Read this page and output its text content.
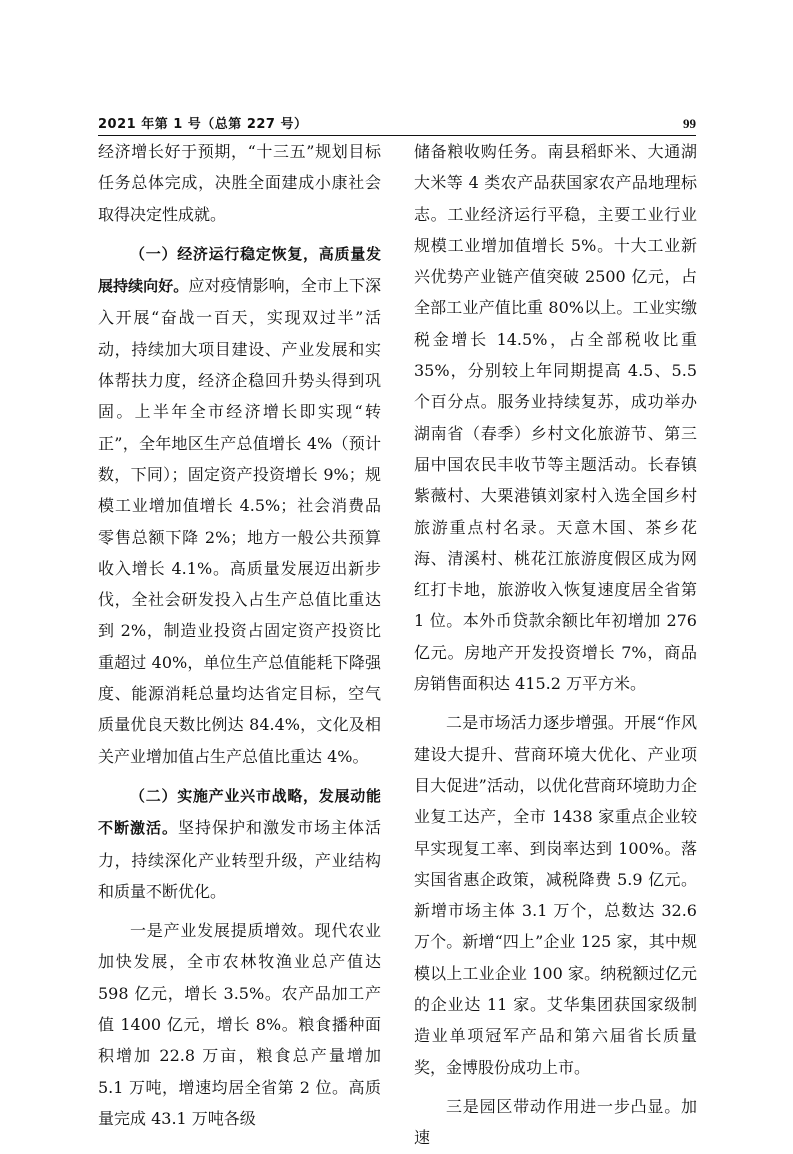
2021 年第 1 号（总第 227 号）	99

经济增长好于预期，“十三五”规划目标任务总体完成，决胜全面建成小康社会取得决定性成就。

（一）经济运行稳定恢复，高质量发展持续向好。应对疫情影响，全市上下深入开展“奋战一百天，实现双过半”活动，持续加大项目建设、产业发展和实体帮扶力度，经济企稳回升势头得到巩固。上半年全市经济增长即实现“转正”，全年地区生产总值增长 4%（预计数，下同）；固定资产投资增长 9%；规模工业增加值增长 4.5%；社会消费品零售总额下降 2%；地方一般公共预算收入增长 4.1%。高质量发展迈出新步伐，全社会研发投入占生产总值比重达到 2%，制造业投资占固定资产投资比重超过 40%，单位生产总值能耗下降强度、能源消耗总量均达省定目标，空气质量优良天数比例达 84.4%，文化及相关产业增加值占生产总值比重达 4%。

（二）实施产业兴市战略，发展动能不断激活。坚持保护和激发市场主体活力，持续深化产业转型升级，产业结构和质量不断优化。

一是产业发展提质增效。现代农业加快发展，全市农林牧渔业总产值达 598 亿元，增长 3.5%。农产品加工产值 1400 亿元，增长 8%。粮食播种面积增加 22.8 万亩，粮食总产量增加 5.1 万吨，增速均居全省第 2 位。高质量完成 43.1 万吨各级

储备粮收购任务。南县稻虾米、大通湖大米等 4 类农产品获国家农产品地理标志。工业经济运行平稳，主要工业行业规模工业增加值增长 5%。十大工业新兴优势产业链产值突破 2500 亿元，占全部工业产值比重 80%以上。工业实缴税金增长 14.5%，占全部税收比重 35%，分别较上年同期提高 4.5、5.5 个百分点。服务业持续复苏，成功举办湖南省（春季）乡村文化旅游节、第三届中国农民丰收节等主题活动。长春镇紫薇村、大栗港镇刘家村入选全国乡村旅游重点村名录。天意木国、茶乡花海、清溪村、桃花江旅游度假区成为网红打卡地，旅游收入恢复速度居全省第 1 位。本外币贷款余额比年初增加 276 亿元。房地产开发投资增长 7%，商品房销售面积达 415.2 万平方米。

二是市场活力逐步增强。开展“作风建设大提升、营商环境大优化、产业项目大促进”活动，以优化营商环境助力企业复工达产，全市 1438 家重点企业较早实现复工率、到岗率达到 100%。落实国省惠企政策，减税降费 5.9 亿元。新增市场主体 3.1 万个，总数达 32.6 万个。新增“四上”企业 125 家，其中规模以上工业企业 100 家。纳税额过亿元的企业达 11 家。艾华集团获国家级制造业单项冠军产品和第六届省长质量奖，金博股份成功上市。

三是园区带动作用进一步凸显。加速
